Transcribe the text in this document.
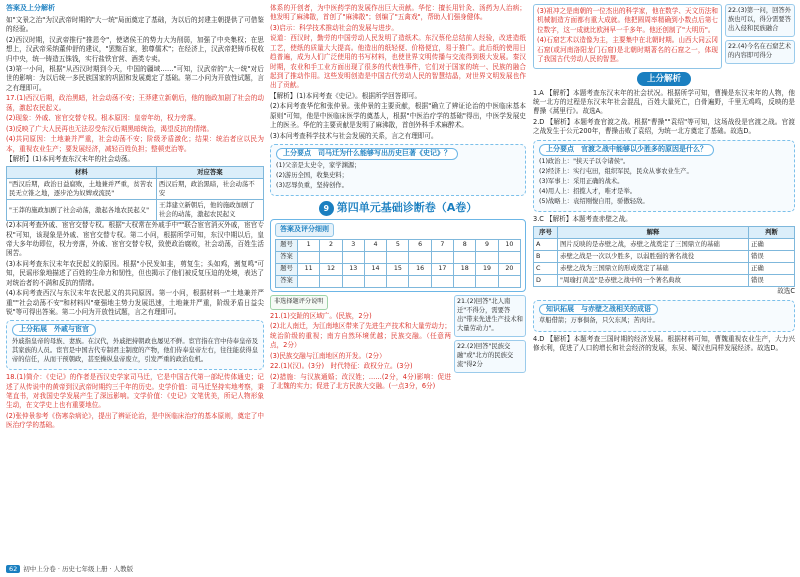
答案及上分解析

如"文景之治"为汉武帝时期的"大一统"局面奠定了基础，为以后的封建主朝提供了可借鉴的经验。

(2)西汉时期，汉武帝推行"推恩令"，使诸侯王的势力大为削弱，加强了中央集权；在思想上，汉武帝采纳董仲舒的建议，"罢黜百家，独尊儒术"；在经济上，汉武帝把铸币权收归中央，统一铸造五铢钱，实行盐铁官营、酒类专卖。

(3)第一小问，根据"从西汉时期到今天，中国的疆域……"可知，汉武帝的"大一统"对后世的影响：为以后统一多民族国家的巩固和发展奠定了基础。第二小问为开放性试题，言之有理即可。

17.(1)西汉后期，政治黑暗，社会动荡不安；王莽建立新朝后，他的施政加剧了社会的动荡，激起农民起义。

(2)现象：外戚、宦官交替专权。根本原因：皇帝年幼，权力旁落。

(3)反映了广大人民再也无法忍受东汉后期黑暗统治，渴望反抗的情绪。

(4)共同原因：土地兼并严重，社会动荡不安；阶级矛盾激化；结果：统治者应以民为本，重视农业生产；要发展经济，减轻百姓负担；整顿吏治等。

【解析】(1)本问考查东汉末年的社会动荡。

材料	对应答案
"西汉后期，政治日益腐败，土地兼并严重，贫苦农民无立锥之地，逐步沦为奴婢或流民"	西汉后期，政治黑暗，社会动荡不安
"王莽的施政加剧了社会动荡，激起各地农民起义"	王莽建立新朝后，他的施政加剧了社会的动荡，激起农民起义

(2)本问考查外戚、宦官交替专权。根据"大权常在外戚手中""联合宦官消灭外戚，宦官专权"可知，该现象是外戚、宦官交替专权。第二小问，根据所学可知，东汉中期以后，皇帝大多年幼即位，权力旁落，外戚、宦官交替专权，致使政治腐败，社会动荡，百姓生活困苦。

(3)本问考查东汉末年农民起义的原因。根据"小民发如韭，剪复生；头如鸡，割复鸣"可知，民谣形象地描述了百姓的生命力和韧性，但也揭示了他们被反复压迫的处境，表达了对统治者的不满和反抗的情绪。

(4)本问考查西汉与东汉末年农民起义的共同原因。第一小问，根据材料一"土地兼并严重""社会动荡不安"和材料四"豪强地主势力发展迅速，土地兼并严重，阶级矛盾日益尖锐"等可得出答案。第二小问为开放性试题，言之有理即可。

上分拓展　外戚与宦官

外戚指皇帝的母族、妻族。在汉代，外戚把持朝政也屡见不鲜。宦官指在宫中侍奉皇帝及其家族的人员。宦官是中国古代专制君主制度的产物，他们侍奉皇帝左右，往往能获得皇帝的信任，从而干预朝政，甚至操纵皇帝废立，引发严重的政治危机。

18.(1)简介：《史记》的作者是西汉史学家司马迁，它是中国古代第一部纪传体通史；记述了从传说中的黄帝到汉武帝时期约三千年的历史。史学价值：司马迁坚持实地考察，秉笔直书，对我国史学发展产生了深远影响。文学价值：《史记》文笔优美，所记人物形象生动，在文学史上也有重要地位。

(2)张仲景参考《伤寒杂病论》，提出了辨证论治，是中医临床治疗的基本原则，奠定了中医治疗学的基础。

体系的开创者，为中医药学的发展作出巨大贡献。华佗：擅长用针灸、汤药为人治病；他发明了麻沸散，首创了"麻沸散"；创编了"五禽戏"，帮助人们强身健体。

(3)启示：科学技术推动社会的发展与进步。

说道：西汉时，勤劳的中国劳动人民发明了造纸术。东汉蔡伦总结前人经验，改进造纸工艺，使纸的质量大大提高。他造出的纸轻便、价格便宜，易于推广。此后纸的使用日趋普遍，成为人们广泛使用的书写材料，也使世界文明传播与交流得到极大发展。秦汉时期，农业和手工业方面出现了很多的代表性事件，它们对于国家的统一、民族的融合起到了推动作用。这些发明创造是中国古代劳动人民的智慧结晶，对世界文明发展也作出了贡献。

【解析】(1)本问考查《史记》。根据所学回答即可。

(2)本问考查华佗和张仲景。张仲景的主要贡献，根据"确立了辨证论治的中医临床基本原则"可知，他是中医临床医学的奠基人，根据"中医治疗学的基础"得出，中医学发展史上的医圣。华佗的主要贡献是发明了麻沸散，首创外科手术麻醉术。

(3)本问考查科学技术与社会发展的关系，言之有理即可。

上分要点　司马迁为什么能够写出历史巨著《史记》？

(1)父亲是太史令，家学渊源；

(2)游历全国，收集史料；

(3)忍辱负重，坚持创作。

9 第四单元基础诊断卷（A卷）
答案及评分细则
题号	1	2	3	4	5	6	7	8	9	10
答案										
题号	11	12	13	14	15	16	17	18	19	20
答案										
非选择题评分说明

21.(1)交趾的区域广。(民族，2分)

(2)北人南迁，为江南地区带来了先进生产技术和大量劳动力；统治阶级的重视；南方自然环境优越；民族交融。（任意两点，2分）

(3)民族交融与江南地区的开发。（2分）

22.(1)(汉)。(3分)　时代特征：政权分立。(3分)

(2)措施：与汉族通婚；改汉姓；……(2分，4分)影响：促进了北魏的实力；促进了北方民族大交融。(一点3分，6分)

21.(2)回答"北人南迁"不得分，需要答出"带来先进生产技术和大量劳动力"。
22.(2)回答"民族交融"或"北方的民族交流"得2分

(3)祖冲之是南朝的一位杰出的科学家，他在数学、天文历法和机械制造方面都有重大成就。他把圆周率精确到小数点后第七位数字，这一成就比欧洲早一千多年。他还创制了"大明历"。

(4)石窟艺术以造像为主，主要集中在北朝时期。山西大同云冈石窟(或河南洛阳龙门石窟)是北朝时期著名的石窟之一，体现了我国古代劳动人民的智慧。

22.(3)第一问，回答外族也可以，得分需要答出入侵和民族融合
22.(4)今名在石窟艺术的内容即可得分
上分解析

1.A 【解析】本题考查东汉末年的社会状况。根据所学可知，曹操是东汉末年的人物，他统一北方的过程是东汉末年社会混乱，百姓大量死亡，白骨遍野，千里无鸡鸣，反映的是曹操《蒿里行》。故选A。

2.D 【解析】本题考查官渡之战。根据"曹操""袁绍"等可知，这场战役是官渡之战。官渡之战发生于公元200年，曹操击败了袁绍，为统一北方奠定了基础。故选D。

上分要点　官渡之战中能够以少胜多的原因是什么？

(1)政治上："挟天子以令诸侯"。

(2)经济上：实行屯田，组织军民，民众从事农业生产。

(3)军事上：采用正确的战术。

(4)用人上：招揽人才，唯才是举。

(5)战略上：袁绍刚愎自用，骄傲轻敌。

3.C 【解析】本题考查赤壁之战。

序号	解释	判断
A	图片反映的是赤壁之战，赤壁之战奠定了三国鼎立的基础	正确
B	赤壁之战是一次以少胜多，以弱胜强的著名战役	错误
C	赤壁之战为三国鼎立的形成奠定了基础	正确
D	"周瑜打黄盖"是赤壁之战中的一个著名典故	错误

故选C

知识拓展　与赤壁之战相关的成语

草船借箭；万事俱备，只欠东风；苦肉计。

4.D 【解析】本题考查三国时期的经济发展。根据材料可知，曹魏重视农业生产，大力兴修水利，促进了人口的增长和社会经济的发展，东吴、蜀汉也同样发展经济。故选D。

62 初中上分卷 · 历史七年级上册 · 人教版
